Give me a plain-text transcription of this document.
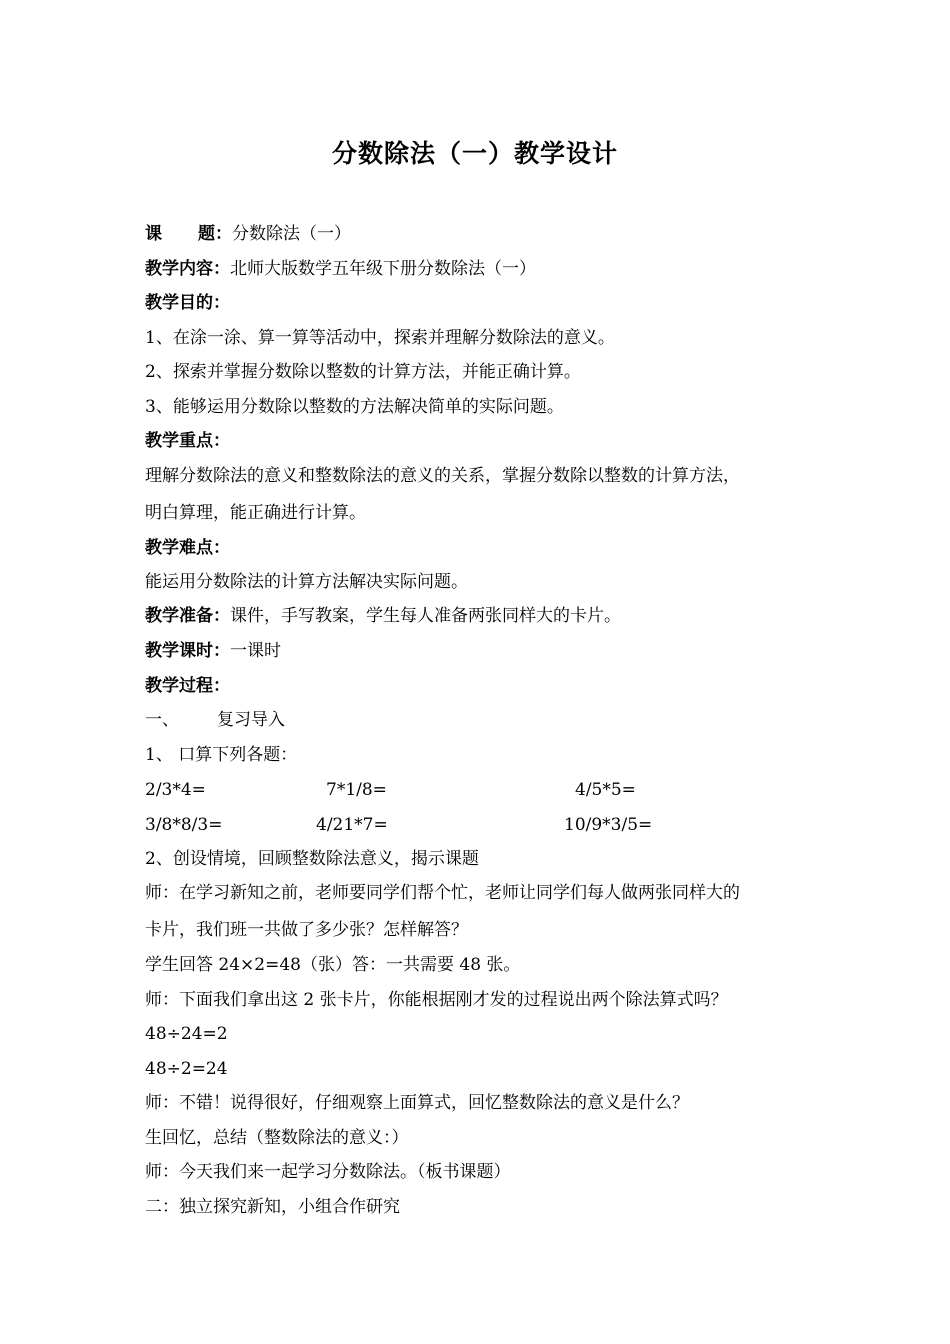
分数除法（一）教学设计
课 题：分数除法（一）
教学内容：北师大版数学五年级下册分数除法（一）
教学目的：
1、在涂一涂、算一算等活动中，探索并理解分数除法的意义。
2、探索并掌握分数除以整数的计算方法，并能正确计算。
3、能够运用分数除以整数的方法解决简单的实际问题。
教学重点：
理解分数除法的意义和整数除法的意义的关系，掌握分数除以整数的计算方法，
明白算理，能正确进行计算。
教学难点：
能运用分数除法的计算方法解决实际问题。
教学准备：课件，手写教案，学生每人准备两张同样大的卡片。
教学课时：一课时
教学过程：
一、 复习导入
1、 口算下列各题：
2/3*4=	7*1/8=	4/5*5=
3/8*8/3=	4/21*7=	10/9*3/5=
2、创设情境，回顾整数除法意义，揭示课题
师：在学习新知之前，老师要同学们帮个忙，老师让同学们每人做两张同样大的
卡片，我们班一共做了多少张？怎样解答？
学生回答 24×2=48（张）答：一共需要 48 张。
师：下面我们拿出这 2 张卡片，你能根据刚才发的过程说出两个除法算式吗？
48÷24=2
48÷2=24
师：不错！说得很好，仔细观察上面算式，回忆整数除法的意义是什么？
生回忆，总结（整数除法的意义：）
师：今天我们来一起学习分数除法。（板书课题）
二：独立探究新知，小组合作研究
